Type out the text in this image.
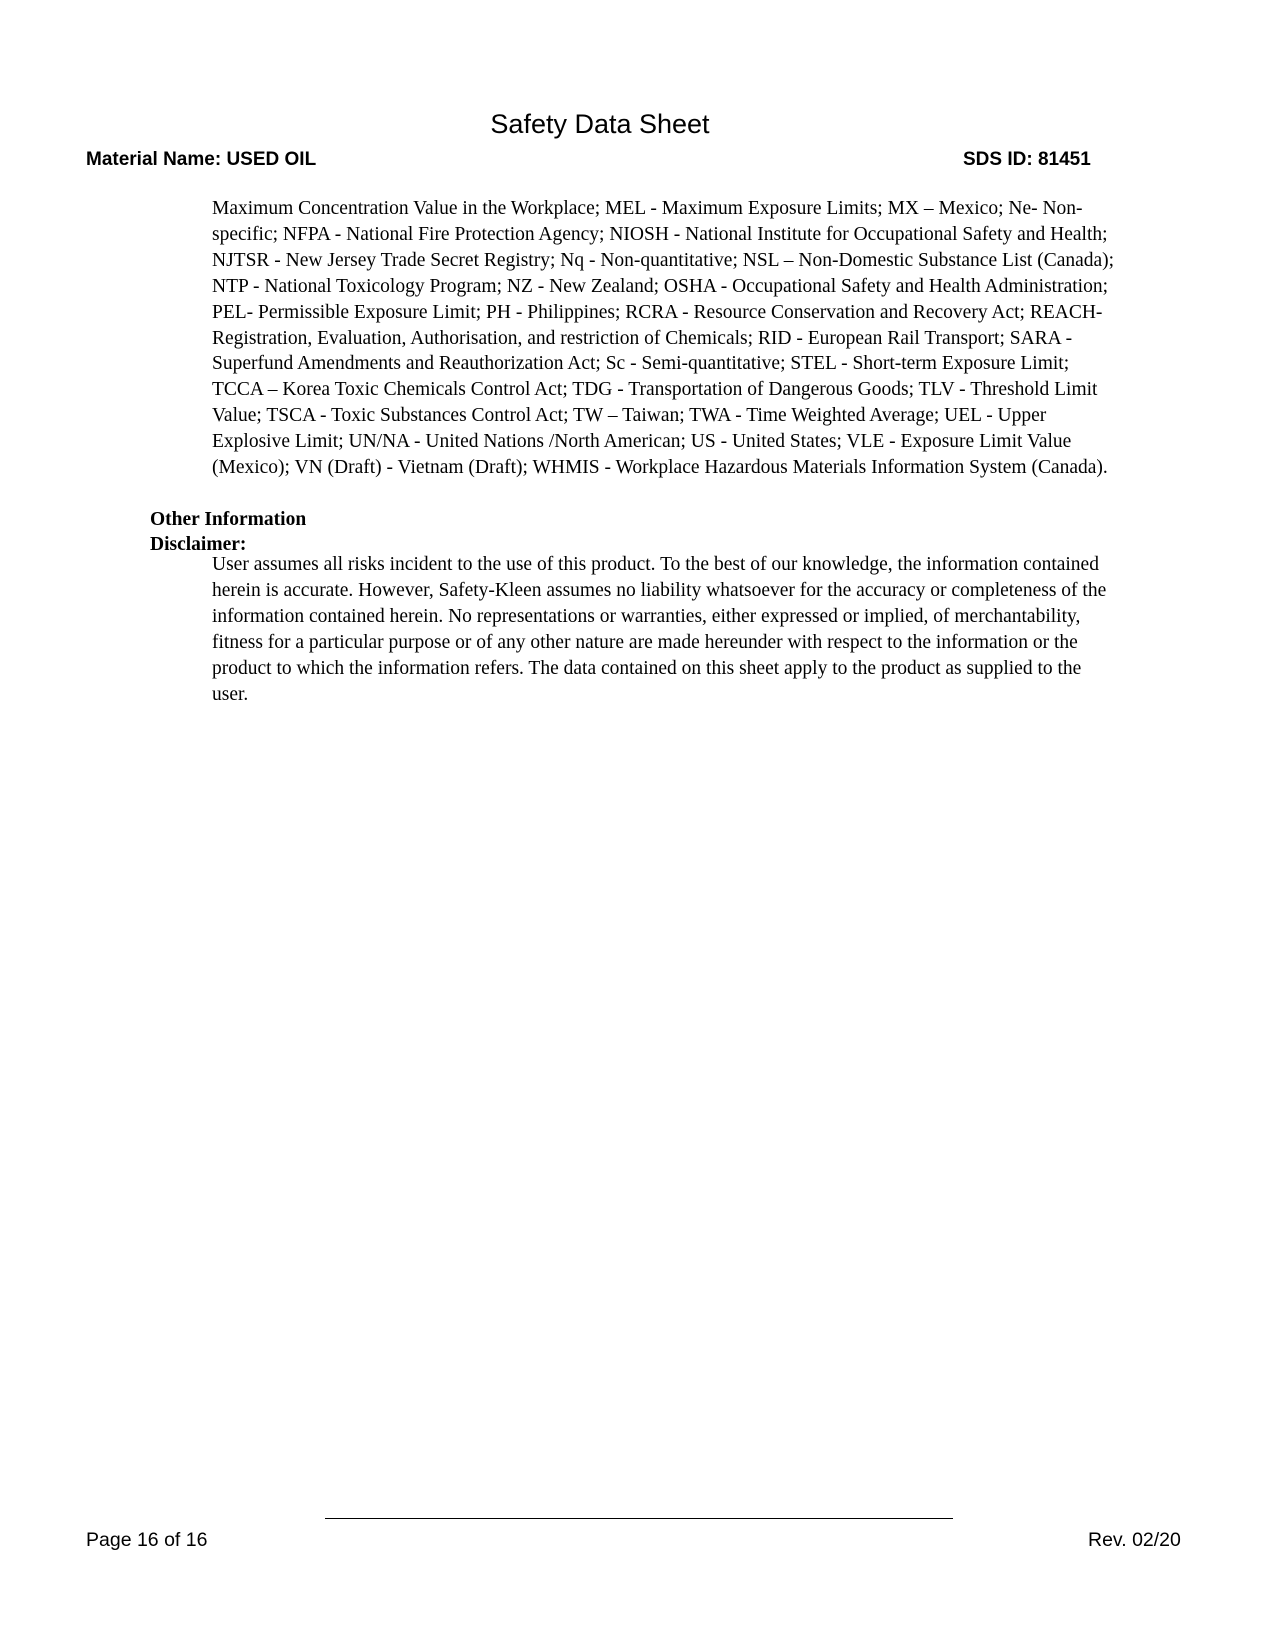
Safety Data Sheet
Material Name: USED OIL	SDS ID: 81451

Maximum Concentration Value in the Workplace; MEL - Maximum Exposure Limits; MX – Mexico; Ne- Non-specific; NFPA - National Fire Protection Agency; NIOSH - National Institute for Occupational Safety and Health; NJTSR - New Jersey Trade Secret Registry; Nq - Non-quantitative; NSL – Non-Domestic Substance List (Canada); NTP - National Toxicology Program; NZ - New Zealand; OSHA - Occupational Safety and Health Administration; PEL- Permissible Exposure Limit; PH - Philippines; RCRA - Resource Conservation and Recovery Act; REACH- Registration, Evaluation, Authorisation, and restriction of Chemicals; RID - European Rail Transport; SARA - Superfund Amendments and Reauthorization Act; Sc - Semi-quantitative; STEL - Short-term Exposure Limit; TCCA – Korea Toxic Chemicals Control Act; TDG - Transportation of Dangerous Goods; TLV - Threshold Limit Value; TSCA - Toxic Substances Control Act; TW – Taiwan; TWA - Time Weighted Average; UEL - Upper Explosive Limit; UN/NA - United Nations /North American; US - United States; VLE - Exposure Limit Value (Mexico); VN (Draft) - Vietnam (Draft); WHMIS - Workplace Hazardous Materials Information System (Canada).

Other Information

Disclaimer:

User assumes all risks incident to the use of this product. To the best of our knowledge, the information contained herein is accurate. However, Safety-Kleen assumes no liability whatsoever for the accuracy or completeness of the information contained herein. No representations or warranties, either expressed or implied, of merchantability, fitness for a particular purpose or of any other nature are made hereunder with respect to the information or the product to which the information refers. The data contained on this sheet apply to the product as supplied to the user.

Page 16 of 16	Rev. 02/20
